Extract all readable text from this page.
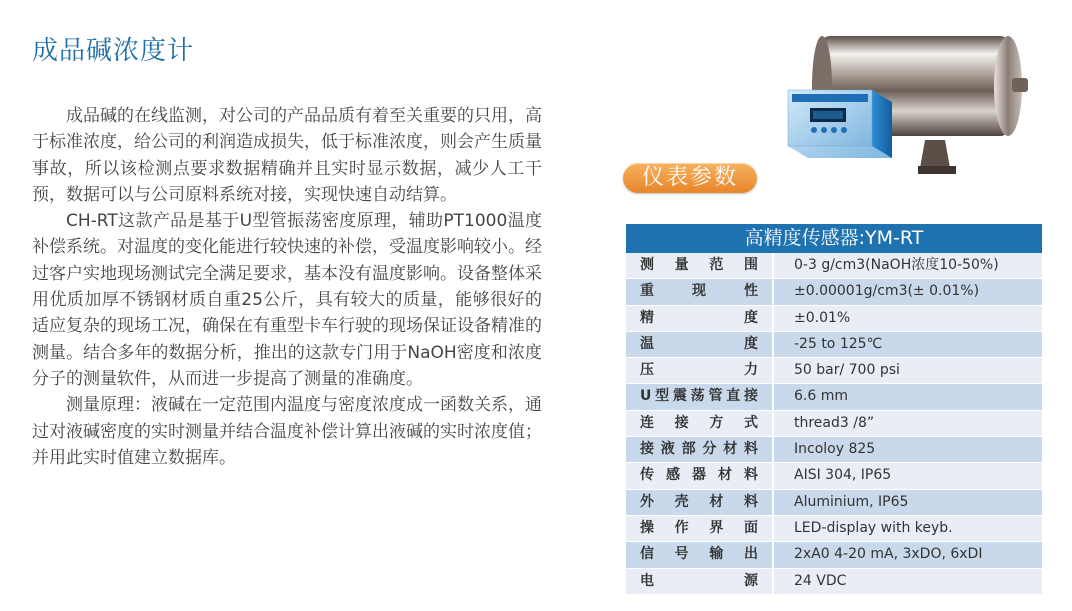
成品碱浓度计

成品碱的在线监测，对公司的产品品质有着至关重要的只用，高于标准浓度，给公司的利润造成损失，低于标准浓度，则会产生质量事故，所以该检测点要求数据精确并且实时显示数据，减少人工干预，数据可以与公司原料系统对接，实现快速自动结算。

CH-RT这款产品是基于U型管振荡密度原理，辅助PT1000温度补偿系统。对温度的变化能进行较快速的补偿，受温度影响较小。经过客户实地现场测试完全满足要求，基本没有温度影响。设备整体采用优质加厚不锈钢材质自重25公斤，具有较大的质量，能够很好的适应复杂的现场工况，确保在有重型卡车行驶的现场保证设备精准的测量。结合多年的数据分析，推出的这款专门用于NaOH密度和浓度分子的测量软件，从而进一步提高了测量的准确度。

测量原理：液碱在一定范围内温度与密度浓度成一函数关系，通过对液碱密度的实时测量并结合温度补偿计算出液碱的实时浓度值；并用此实时值建立数据库。

仪表参数
高精度传感器:YM-RT
测量范围	0-3 g/cm3(NaOH浓度10-50%)
重现性	±0.00001g/cm3(± 0.01%)
精度	±0.01%
温度	-25 to 125℃
压力	50 bar/ 700 psi
U型震荡管直接	6.6 mm
连接方式	thread3 /8”
接液部分材料	Incoloy 825
传感器材料	AISI 304, IP65
外壳材料	Aluminium, IP65
操作界面	LED-display with keyb.
信号输出	2xA0 4-20 mA, 3xDO, 6xDI
电源	24 VDC
